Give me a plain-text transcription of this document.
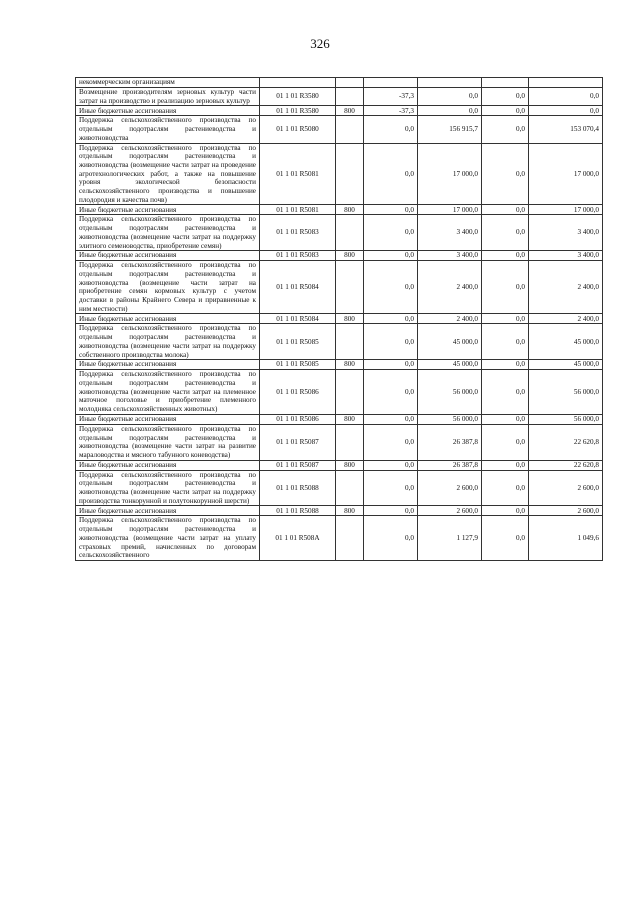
326
некоммерческим организациям						
Возмещение производителям зерновых культур части затрат на производство и реализацию зерновых культур	01 1 01 R3580		-37,3	0,0	0,0	0,0
Иные бюджетные ассигнования	01 1 01 R3580	800	-37,3	0,0	0,0	0,0
Поддержка сельскохозяйственного производства по отдельным подотраслям растениеводства и животноводства	01 1 01 R5080		0,0	156 915,7	0,0	153 070,4
Поддержка сельскохозяйственного производства по отдельным подотраслям растениеводства и животноводства (возмещение части затрат на проведение агротехнологических работ, а также на повышение уровня экологической безопасности сельскохозяйственного производства и повышение плодородия и качества почв)	01 1 01 R5081		0,0	17 000,0	0,0	17 000,0
Иные бюджетные ассигнования	01 1 01 R5081	800	0,0	17 000,0	0,0	17 000,0
Поддержка сельскохозяйственного производства по отдельным подотраслям растениеводства и животноводства (возмещение части затрат на поддержку элитного семеноводства, приобретение семян)	01 1 01 R5083		0,0	3 400,0	0,0	3 400,0
Иные бюджетные ассигнования	01 1 01 R5083	800	0,0	3 400,0	0,0	3 400,0
Поддержка сельскохозяйственного производства по отдельным подотраслям растениеводства и животноводства (возмещение части затрат на приобретение семян кормовых культур с учетом доставки в районы Крайнего Севера и приравненные к ним местности)	01 1 01 R5084		0,0	2 400,0	0,0	2 400,0
Иные бюджетные ассигнования	01 1 01 R5084	800	0,0	2 400,0	0,0	2 400,0
Поддержка сельскохозяйственного производства по отдельным подотраслям растениеводства и животноводства (возмещение части затрат на поддержку собственного производства молока)	01 1 01 R5085		0,0	45 000,0	0,0	45 000,0
Иные бюджетные ассигнования	01 1 01 R5085	800	0,0	45 000,0	0,0	45 000,0
Поддержка сельскохозяйственного производства по отдельным подотраслям растениеводства и животноводства (возмещение части затрат на племенное маточное поголовье и приобретение племенного молодняка сельскохозяйственных животных)	01 1 01 R5086		0,0	56 000,0	0,0	56 000,0
Иные бюджетные ассигнования	01 1 01 R5086	800	0,0	56 000,0	0,0	56 000,0
Поддержка сельскохозяйственного производства по отдельным подотраслям растениеводства и животноводства (возмещение части затрат на развитие мараловодства и мясного табунного коневодства)	01 1 01 R5087		0,0	26 387,8	0,0	22 620,8
Иные бюджетные ассигнования	01 1 01 R5087	800	0,0	26 387,8	0,0	22 620,8
Поддержка сельскохозяйственного производства по отдельным подотраслям растениеводства и животноводства (возмещение части затрат на поддержку производства тонкорунной и полутонкорунной шерсти)	01 1 01 R5088		0,0	2 600,0	0,0	2 600,0
Иные бюджетные ассигнования	01 1 01 R5088	800	0,0	2 600,0	0,0	2 600,0
Поддержка сельскохозяйственного производства по отдельным подотраслям растениеводства и животноводства (возмещение части затрат на уплату страховых премий, начисленных по договорам сельскохозяйственного	01 1 01 R508А		0,0	1 127,9	0,0	1 049,6
